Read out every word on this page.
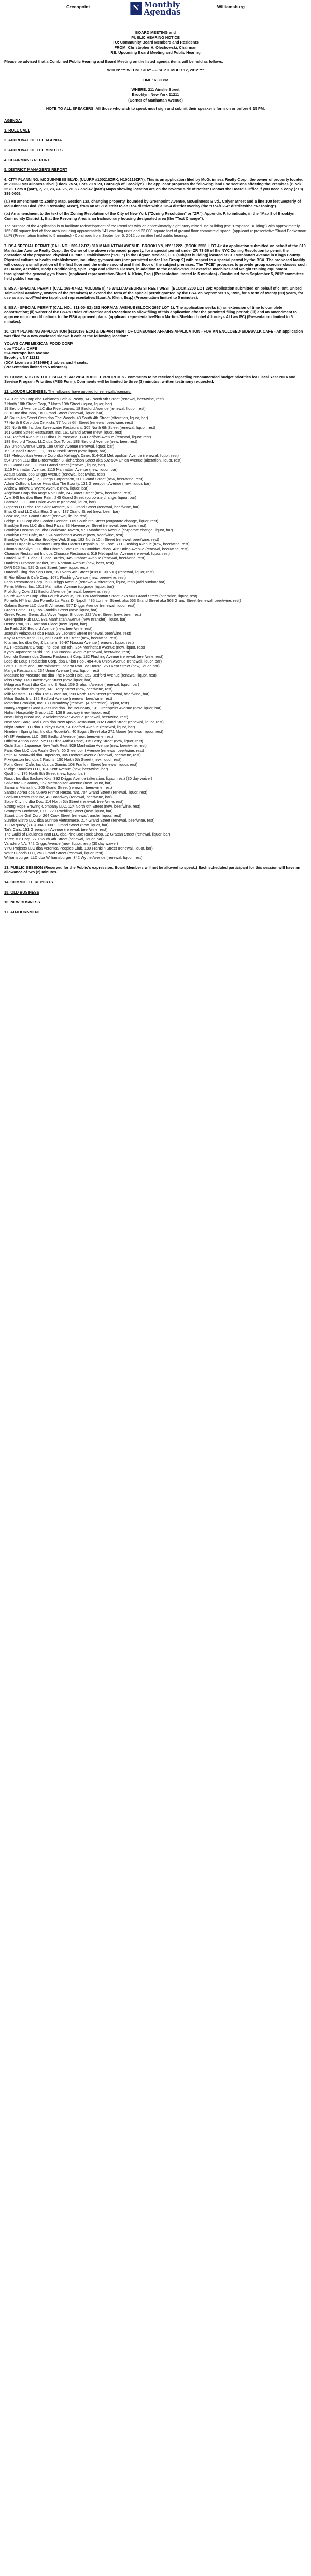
Greenpoint	N Monthly
Agendas
Williamsburg
BOARD MEETING and
PUBLIC HEARING NOTICE
TO: Community Board Members and Residents
FROM: Christopher H. Olechowski, Chairman
RE: Upcoming Board Meeting and Public Hearing

Please be advised that a Combined Public Hearing and Board Meeting on the listed agenda items will be held as follows:

WHEN: *** WEDNESDAY ---- SEPTEMBER 12, 2012 ***
TIME: 6:30 PM
WHERE: 211 Ainslie Street
Brooklyn, New York 11211
(Corner of Manhattan Avenue)

NOTE TO ALL SPEAKERS: All those who wish to speak must sign and submit their speaker's form on or before 6:15 PM.

AGENDA:
1. ROLL CALL
2. APPROVAL OF THE AGENDA
3. APPROVAL OF THE MINUTES
4. CHAIRMAN'S REPORT
5. DISTRICT MANAGER'S REPORT

6. CITY PLANNING: MCGUINNESS BLVD. (ULURP #100218ZRK, N100219ZRY). This is an application filed by McGuinness Realty Corp., the owner of property located at 2003-9 McGuinness Blvd. (Block 2574, Lots 20 & 23, Borough of Brooklyn). The applicant proposes the following land use sections affecting the Premises (Block 2576, Lots 8 (part), 7, 20, 23, 24, 25, 26, 27 and 42 (part)) Maps showing location are on the reverse side of notice: Contact the Board's Office if you need a copy (718) 389-0009.

(a.) An amendment to Zoning Map, Section 13a, changing property, bounded by Greenpoint Avenue, McGuinness Blvd., Calyer Street and a line 100 feet westerly of McGuinness Blvd. (the "Rezoning Area"), from an M1-1 district to an R7A district with a C2-4 district overlay (the "R7A/C2-4" districts/the "Rezoning").

(b.) An amendment to the text of the Zoning Resolution of the City of New York ("Zoning Resolution" or "ZR"), Appendix F, to indicate, in the "Map 8 of Brooklyn Community District 1, that the Rezoning Area is an Inclusionary housing designated area (the "Text Change").

The purpose of the Application is to facilitate redevelopment of the Premises with an approximately eight-story mixed use building (the "Proposed Building") with approximately 165,000 square feet of floor area including approximately 141 dwelling units and 23,000 square feet of ground floor commercial space. (applicant representative/Stuart Beckerman LLP) (Presentation limited to 5 minutes) - Continued from September 5, 2012 committee held public hearing.

7. BSA SPECIAL PERMIT (CAL. NO.: 209-12-BZ) 810 MANHATTAN AVENUE, BROOKLYN, NY 11222. (BCOK 2558, LOT 4): An application submitted on behalf of the 810 Manhattan Avenue Realty Corp., the Owner of the above referenced property, for a special permit under ZR 73-36 of the NYC Zoning Resolution to permit the operation of the proposed Physical Culture Establishment ("PCE") in the Bignon Medical, LLC (subject building) located at 810 Manhattan Avenue in Kings County. Physical culture or health establishment, including gymnasiums (not permitted under Use Group 9) with respect to a special permit by the BSA. The proposed facility will occupy a small portion of the first floor and the entire second and third floor of the subject premises. The "PCE" proposes to provide group exercise classes such as Dance, Aerobics, Body Conditioning, Spin, Yoga and Pilates Classes, in addition to the cardiovascular exercise machines and weight training equipment throughout the general gym floors. (applicant representative/Stuart A. Klein, Esq.) (Presentation limited to 5 minutes) - Continued from September 5, 2012 committee held public hearing.

8. BSA - SPECIAL PERMIT (CAL. 165-07-BZ, VOLUME II) 45 WILLIAMSBURG STREET WEST (BLOCK 2200 LOT 29): Application submitted on behalf of client, United Talmudical Academy, owners of the premises) to extend the term of the special permit granted by the BSA on September 15, 1992, for a term of twenty (20) years, for use as a school/Yeshiva (applicant representative/Stuart A. Klein, Esq.) (Presentation limited to 5 minutes).

9. BSA - SPECIAL PERMIT (CAL. NO.: 311-00-BZ) 282 NORMAN AVENUE (BLOCK 2667 LOT 1): The application seeks (i.) an extension of time to complete construction; (ii) waiver of the BSA's Rules of Practice and Procedure to allow filing of this application after the permitted filing period; (iii) and an amendment to approve minor modifications to the BSA approved plans. (applicant representative/Nora Martins/Sheldon Lobel Attorneys At Law PC) (Presentation limited to 5 minutes).

10. CITY PLANNING APPLICATION (N120186 ECK) & DEPARTMENT OF CONSUMER AFFAIRS APPLICATION - FOR AN ENCLOSED SIDEWALK CAFE - An application was filed for a new enclosed sidewalk cafe at the following location:

YOLA'S CAFE MEXICAN FOOD CORP.
dba YOLA's CAFE
524 Metropolitan Avenue
Brooklyn, NY 11211
(DCA License # 1419694) 2 tables and 4 seats.
(Presentation limited to 5 minutes).

11. COMMENTS ON THE FISCAL YEAR 2014 BUDGET PRIORITIES - comments to be received regarding recommended budget priorities for Fiscal Year 2014 and Service Program Priorities (PEG Form). Comments will be limited to three (3) minutes; written testimony requested.

12. LIQUOR LICENSES: The following have applied for renewals/licenses:
1 & 3 on 5th Corp dba Fabianes Cafe & Pastry, 142 North 5th Street (renewal, beer/wine, rest)
7 North 10th Street Corp, 7 North 10th Street (liquor, liquor, bar)
19 Bedford Avenue LLC dba Five Leaves, 18 Bedford Avenue (renewal, liquor, rest)
33 10 Inc dba Iona, 180 Grand Street (renewal, liquor, bar)
46 South 4th Street Corp dba The Woods, 48 South 4th Street (alteration, liquor, bar)
77 North 6 Corp dba Zenkichi, 77 North 6th Street (renewal, beer/wine, rest)
105 North 6th Inc dba Sweetwater Restaurant, 105 North 6th Street (renewal, liquor, rest)
161 Grand Street Restaurant, Inc, 161 Grand Street (new, liquor, rest)
174 Bedford Avenue LLC dba Churrascaria, 174 Bedford Avenue (renewal, liquor, rest)
189 Bedford Tacos, LLC dba Dos Toros, 189f Bedford Avenue (new, beer, rest)
198 Union Avenue Corp, 198 Union Avenue (renewal, liquor, bar)
199 Russell Street LLC, 199 Russell Street (new, liquor, bar)
518 Metropolitan Avenue Corp dba Kellogg's Diner, 514-518 Metropolitan Avenue (renewal, liquor, rest)
594 Union LLC dba Birdenwelter, 3 Richardson Street aka 592-594 Union Avenue (alteration, liquor, rest)
603 Grand Bar LLC, 603 Grand Street (renewal, liquor, bar)
1115 Manhattan Avenue, 1115 Manhattan Avenue (new, liquor, bar)
Acqua Santa, 556 Driggs Avenue (renewal, beer/wine, rest)
Amelia Votes (4L) La Cinega Corporation, 200 Grand Street (new, beer/wine, rest)
Adam Collison, Lance Hess dba The Bounty, 131 Greenpoint Avenue (new, liquor, bar)
Andrew Tarlow, 2 Wythe Avenue (new, liquor, bar)
Angelvan Corp dba Ange Noir Cafe, 247 Varet Street (new, beer/wine, rest)
Avle 345 Inc dba Bluer Palm, 245 Grand Street (corporate change, liquor, bar)
Barcade LLC, 388 Union Avenue (renewal, liquor, bar)
Bigness LLC dba The Saint Austere, 613 Grand Street (renewal, beer/wine, bar)
Bliss Grand LLC dba Bliss Grand, 187 Grand Street (new, beer, bar)
Booz Inc, 296 Grand Street (renewal, liquor, rest)
Bridge 109 Corp dba Gordon Bennett, 109 South 6th Street (corporate change, liquor, rest)
Brooklyn Bees LLC dba Best Pizza, 33 Havemeyer Street (renewal, beer/wine, rest)
Brooklyn Dreams Inc. dba Boulevard Tavern, 579 Manhattan Avenue (corporate change, liquor, bar)
Brooklyn Peel Café, Inc, 924 Manhattan Avenue (new, beer/wine, rest)
Brooklyn Wok Inc dba Brooklyn Wok Shop, 182 North 10th Street (renewal, beer/wine, rest)
Cactus Organic Restaurant Corp dba Cactus Organic & Intl Food, 711 Flushing Avenue (new, beer/wine, rest)
Chomp Brooklyn, LLC dba Chomp Cafe Pre La Comidas Pinos, 436 Union Avenue (renewal, beer/wine, rest)
Chausse Restaurant Inc dba Chausse Restaurant, 519 Metropolitan Avenue (renewal, liquor, rest)
Cordell-Ruff LP dba El Loco Burrito, 345 Graham Avenue (renewal, beer/wine, rest)
Daniel's European Market, 152 Norman Avenue (new, beer, rest)
DAR 525 Inc, 525 Grand Street (new, liquor, rest)
Darantifi Hing dba San Loco, 160 North 4th Street (#160C, #160C) (renewal, liquor, rest)
El Rio Bilbao & Café Corp, 1071 Flushing Avenue (new, beer/wine, rest)
Fada Restaurant Corp., 530 Driggs Avenue (renewal & alteration, liquor, rest) (add outdoor bar)
Ferris Mittres, Inc, 1011 Manhattan Avenue (upgrade, liquor, bar)
Frolicking Cow, 211 Bedford Avenue (renewal, beer/wine, rest)
Fourth Avenue Corp. dba Fourth Avenue, 120-126 Manhattan Street, aka 563 Grand Street (alteration, liquor, rest)
Fornello NY Inc. dba Fornello La Pizza Di Napoli, 485 Lorimer Street, aka 563 Grand Street aka 563 Grand Street (renewal, beer/wine, rest)
Galana Suave LLC dba El Almacen, 557 Driggs Avenue (renewal, liquor, rest)
Green Bottle LLC, 155 Franklin Street (new, liquor, bar)
Greek Frozen Gems dba Vivve Yogurt Shoppe, 222 Varet Street (new, beer, rest)
Greenpoint Pub LLC, 931 Manhattan Avenue (new (transfer), liquor, bar)
Henry Trou, 112 Harrison Place (new, liquor, bar)
Jin Park, 210 Bedford Avenue (new, beer/wine, rest)
Joaquin Velazquez dba Haab, 29 Leonard Street (renewal, beer/wine, rest)
Kayuk Restaurant LLC, 221 South 1st Street (new, beer/wine, rest)
Kitamin, Inc dba Keg & Lantern, 95-97 Nassau Avenue (renewal, liquor, rest)
KCT Restaurant Group, Inc. dba Ten Ichi, 254 Manhattan Avenue (new, liquor, rest)
Kyoto Japanese Sushi, Inc, 161 Nassau Avenue (renewal, beer/wine, rest)
Leonida Gomez dba Gomez Restaurant Corp, 182 Flushing Avenue (renewal, beer/wine, rest)
Loop de Loup Production Corp, dba Union Pool, 484-486 Union Avenue (renewal, liquor, bar)
Lotus Culture and Entertainment, Inc dba Ran Tea House, 269 Kent Street (new, liquor, bar)
Mango Restaurant, 234 Union Avenue (new, liquor, rest)
Measure for Measure Inc dba The Rabbit Hole, 352 Bedford Avenue (renewal, liquor, rest)
Miss Pony, 149 Havemeyer Street (new, liquor, bar)
Milagrosa Ricart dba Camino S Rust, 159 Graham Avenue (renewal, liquor, bar)
Mirage Williamsburg Inc, 143 Berry Street (new, beer/wine, rest)
Milk Masters LLC dba The Gutter Bar, 200 North 14th Street (renewal, beer/wine, bar)
Mitsu Sushi, Inc, 182 Bedford Avenue (renewal, beer/wine, rest)
Motorino Brooklyn, Inc, 139 Broadway (renewal (& alteration), liquor, rest)
Nancy Regan's Good Glass Inc dba The Boundary, 131 Greenpoint Avenue (new, liquor, bar)
Nolian Hospitality Group LLC, 139 Broadway (new, liquor, rest)
New Living Bread Inc, 2 Knickerbocker Avenue (renewal, beer/wine, rest)
New Mon Sang Real Corp dba New Apolo Restaurant, 302 Grand Street (renewal, liquor, rest)
Night Rafter LLC dba Turkey's Nest, 94 Bedford Avenue (renewal, liquor, bar)
Nineteen Spring Inc, Inc dba Roberta's, 40 Bogart Street aka 271 Moore (renewal, liquor, rest)
NYSF Ventures LLC, 285 Bedford Avenue (new, beer/wine, rest)
Officina Antica Pane, NY LLC dba Antica Pane, 115 Berry Street (new, liquor, rest)
Oishi Sushi Japanese New York Rest, 929 Manhattan Avenue (new, beer/wine, rest)
Paris Gee LLC dba Paulie Gee's, 60 Greenpoint Avenue (renewal, beer/wine, rest)
Pelin N. Morawski dba Buperoos, 305 Bedford Avenue (renewal, beer/wine, rest)
Pixelgaston Inc. dba 2 Raichs, 150 North 5th Street (new, liquor, rest)
Point Green Café, Inc dba La Gamin, 108 Franklin Street (renewal, liquor, rest)
Pudge Knuckles LLC, 184 Kent Avenue (new, beer/wine, bar)
Quoll Inc, 176 North 9th Street (new, liquor, bar)
Rossi, Inc dba Sachaw Kiks, 392 Driggs Avenue (alteration, liquor, rest) (30 day waiver)
Salvatore Finlantory, 152 Metropolitan Avenue (new, liquor, bar)
Samurai Mama Inc, 205 Grand Street (renewal, beer/wine, rest)
Santos Abreu dba Nuevo Primor Restaurant, 704 Grand Street (renewal, liquor, rest)
Sheikon Restaurant Inc, 42 Broadway (renewal, beer/wine, bar)
Spice City Inc dba Doc, 114 North 6th Street (renewal, beer/wine, rest)
Strong Rope Brewing Company LLC, 124 North 6th Street (new, beer/wine, rest)
Strangers Forthcare, LLC, 229 Roebling Street (new, liquor, bar)
Stuart Little Grill Corp, 264 Cook Street (renewal/transfer, liquor, rest)
Sunrise Bistro LLC dba Sunrise Vietnamese, 214 Grand Street (renewal, beer/wine, rest)
T C M quasy (718) 384-1000 1 Grand Street (new, liquor, bar)
Tai's Cars, 151 Greenpoint Avenue (renewal, beer/wine, rest)
The Guild of Liquidnes Inntt LLC dba Pine Box Rock Shop, 12 Grattan Street (renewal, liquor, bar)
Three MY Corp, 270 South 4th Street (renewal, liquor, bar)
Varadero NA, 742 Driggs Avenue (new, liquor, rest) (30 day waiver)
VPC Projects LLC dba Veronica Peoples Club, 180 Franklin Street (renewal, liquor, bar)
Walter Foods LLC, 253 Grand Street (renewal, liquor, rest)
Williamsburger LLC dba Williamsburger, 342 Wythe Avenue (renewal, liquor, rest)

13. PUBLIC SESSION (Reserved for the Public's expression. Board Members will not be allowed to speak.) Each scheduled participant for this session will have an allowance of two (2) minutes.

14. COMMITTEE REPORTS
15. OLD BUSINESS
16. NEW BUSINESS
17. ADJOURNMENT
